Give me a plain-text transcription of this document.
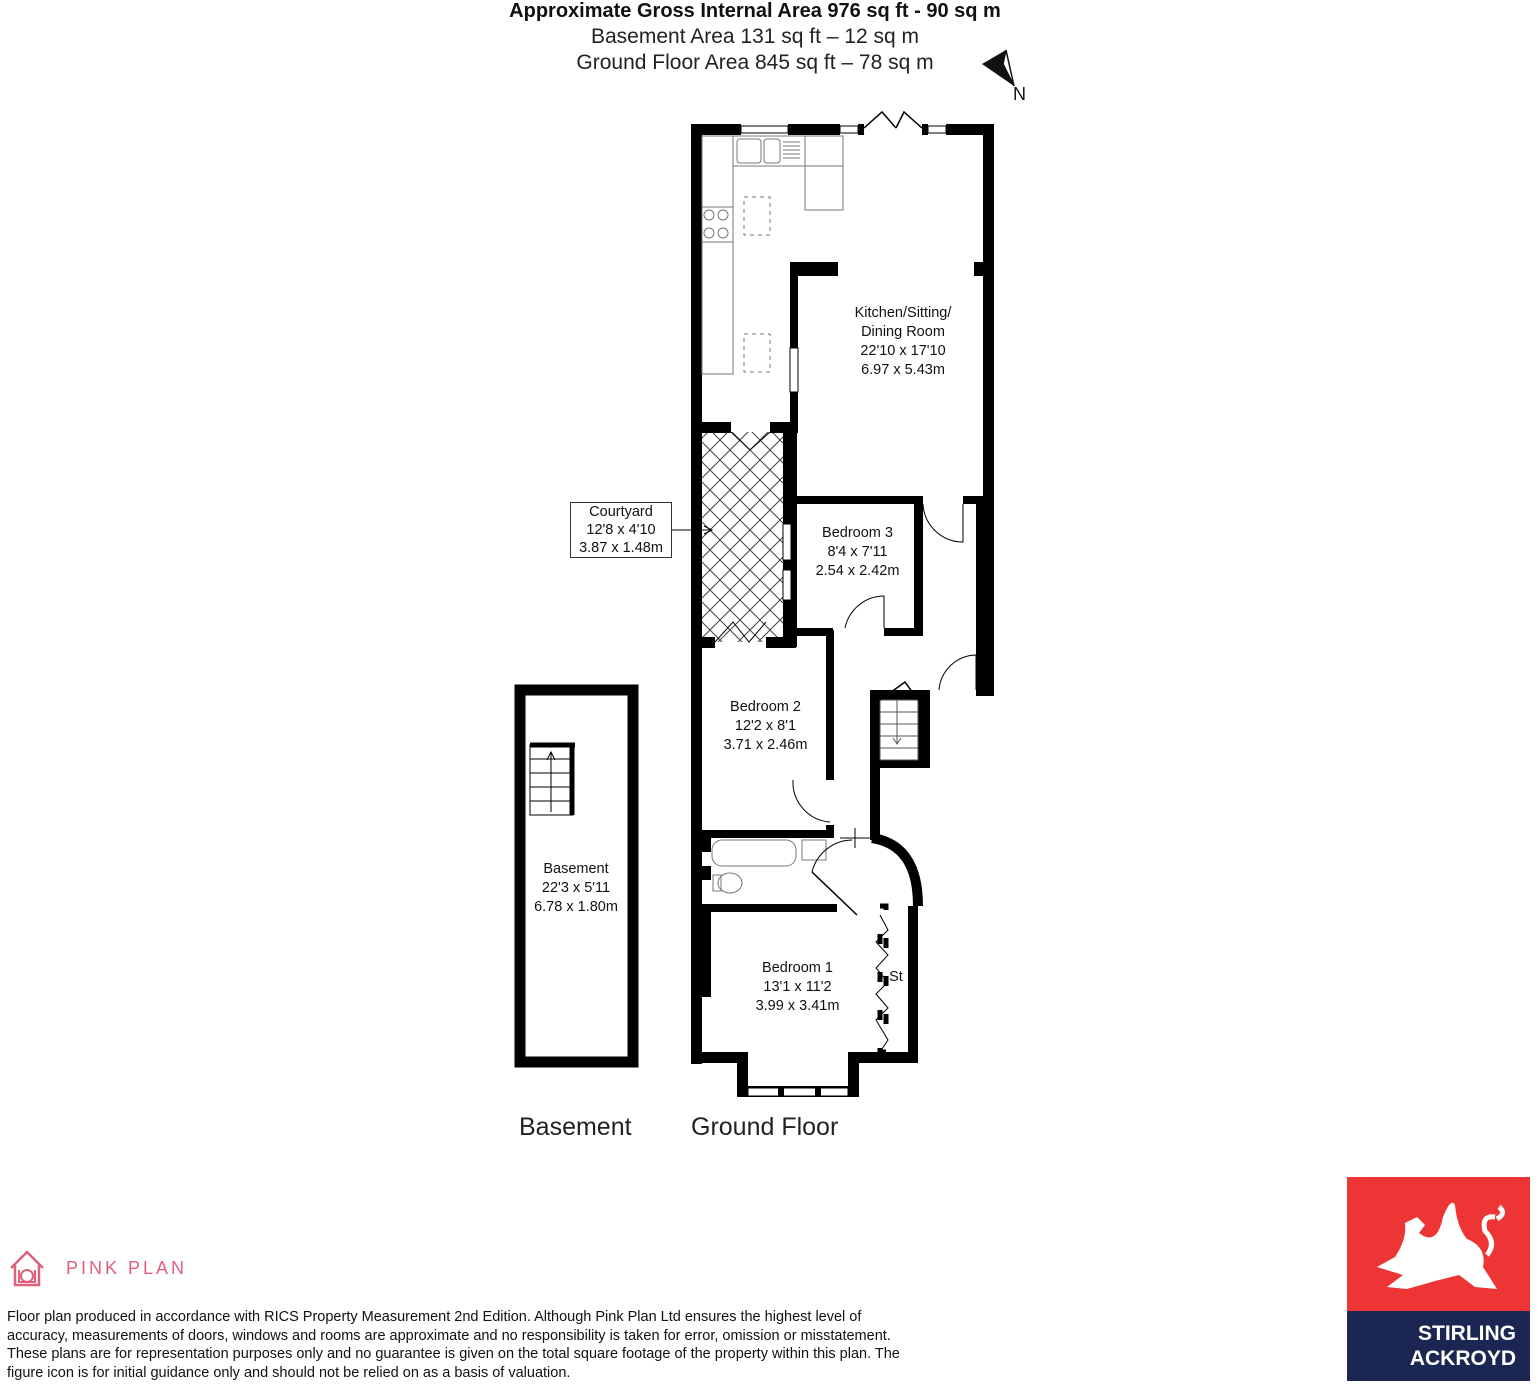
Approximate Gross Internal Area 976 sq ft - 90 sq m
Basement Area 131 sq ft – 12 sq m
Ground Floor Area 845 sq ft – 78 sq m
Kitchen/Sitting/
Dining Room
22'10 x 17'10
6.97 x 5.43m
Courtyard
12'8 x 4'10
3.87 x 1.48m
Bedroom 3
8'4 x 7'11
2.54 x 2.42m
Bedroom 2
12'2 x 8'1
3.71 x 2.46m
Bedroom 1
13'1 x 11'2
3.99 x 3.41m
St
Basement
22'3 x 5'11
6.78 x 1.80m
N
Basement Ground Floor
PINK PLAN
Floor plan produced in accordance with RICS Property Measurement 2nd Edition. Although Pink Plan Ltd ensures the highest level of accuracy, measurements of doors, windows and rooms are approximate and no responsibility is taken for error, omission or misstatement. These plans are for representation purposes only and no guarantee is given on the total square footage of the property within this plan. The figure icon is for initial guidance only and should not be relied on as a basis of valuation.
STIRLING
ACKROYD
